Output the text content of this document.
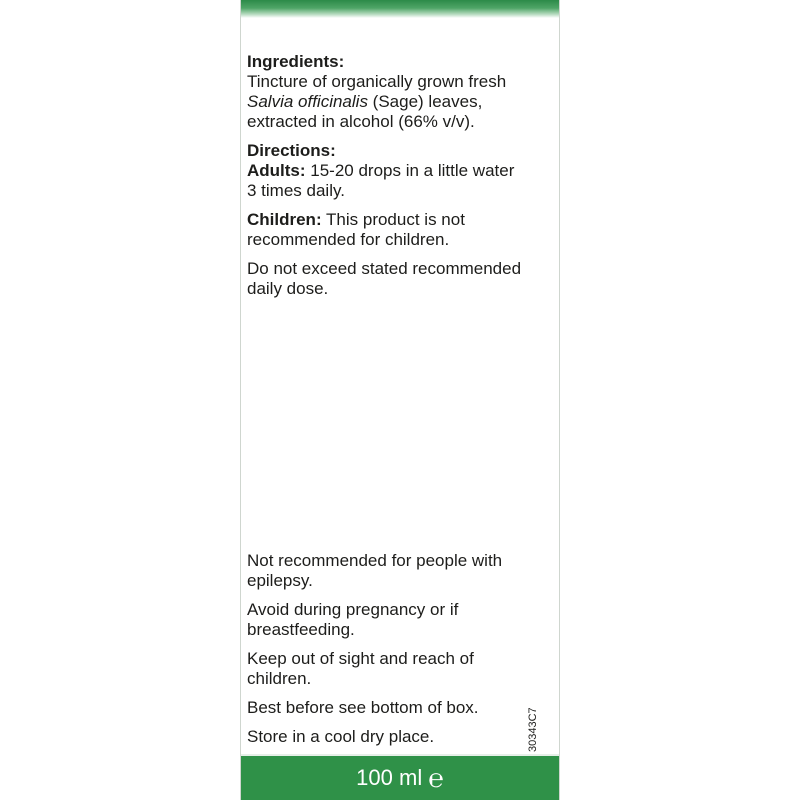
Ingredients:

Tincture of organically grown fresh

Salvia officinalis (Sage) leaves,

extracted in alcohol (66% v/v).

Directions:

Adults: 15-20 drops in a little water

3 times daily.

Children: This product is not

recommended for children.

Do not exceed stated recommended

daily dose.

Not recommended for people with

epilepsy.

Avoid during pregnancy or if

breastfeeding.

Keep out of sight and reach of

children.

Best before see bottom of box.

Store in a cool dry place.

100 ml ℮
30343C7
